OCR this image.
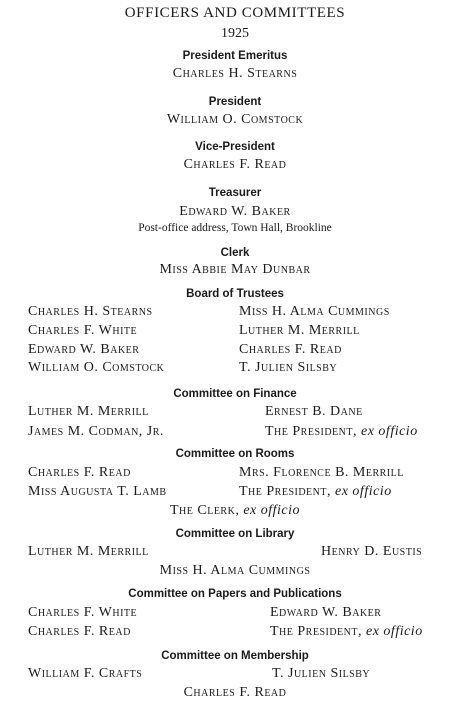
OFFICERS AND COMMITTEES
1925
President Emeritus
Charles H. Stearns
President
William O. Comstock
Vice-President
Charles F. Read
Treasurer
Edward W. Baker
Post-office address, Town Hall, Brookline
Clerk
Miss Abbie May Dunbar
Board of Trustees
Charles H. Stearns
Charles F. White
Edward W. Baker
William O. Comstock
Miss H. Alma Cummings
Luther M. Merrill
Charles F. Read
T. Julien Silsby
Committee on Finance
Luther M. Merrill
James M. Codman, Jr.
Ernest B. Dane
The President, ex officio
Committee on Rooms
Charles F. Read
Miss Augusta T. Lamb
Mrs. Florence B. Merrill
The President, ex officio
The Clerk, ex officio
Committee on Library
Luther M. Merrill	Henry D. Eustis
Miss H. Alma Cummings
Committee on Papers and Publications
Charles F. White
Charles F. Read
Edward W. Baker
The President, ex officio
Committee on Membership
William F. Crafts	T. Julien Silsby
Charles F. Read
